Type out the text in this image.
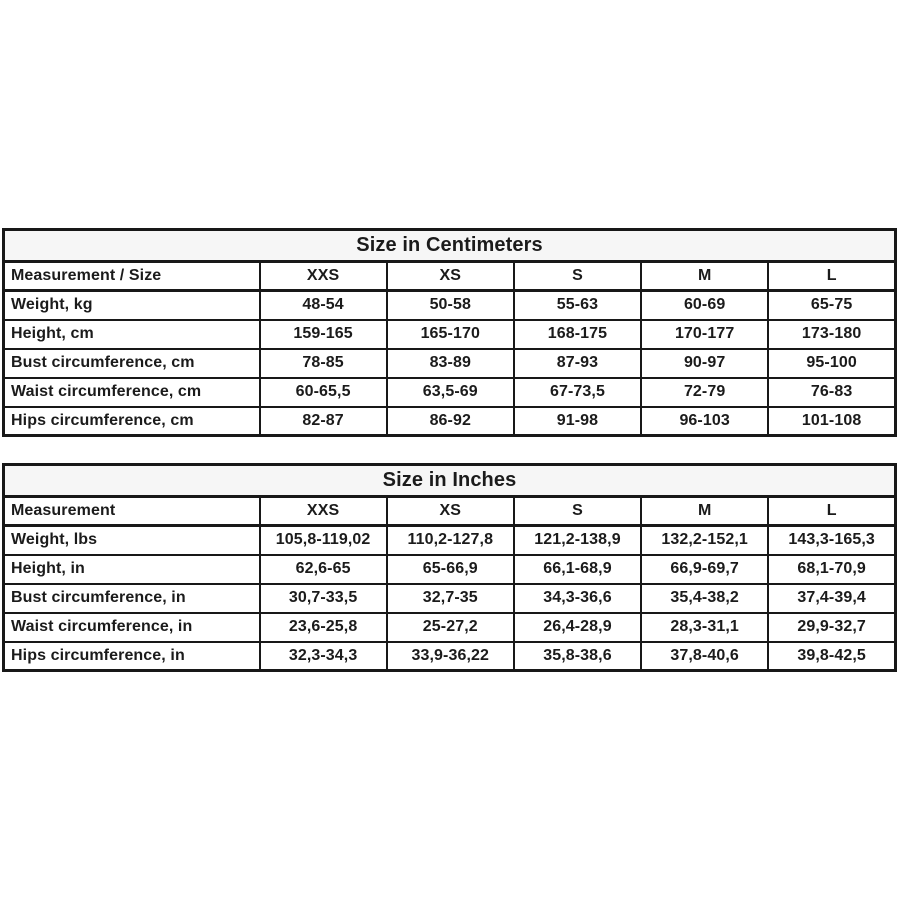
Size in Centimeters					
Measurement / Size	XXS	XS	S	M	L
Weight, kg	48-54	50-58	55-63	60-69	65-75
Height, cm	159-165	165-170	168-175	170-177	173-180
Bust circumference, cm	78-85	83-89	87-93	90-97	95-100
Waist circumference, cm	60-65,5	63,5-69	67-73,5	72-79	76-83
Hips circumference, cm	82-87	86-92	91-98	96-103	101-108
Size in Inches					
Measurement	XXS	XS	S	M	L
Weight, lbs	105,8-119,02	110,2-127,8	121,2-138,9	132,2-152,1	143,3-165,3
Height, in	62,6-65	65-66,9	66,1-68,9	66,9-69,7	68,1-70,9
Bust circumference, in	30,7-33,5	32,7-35	34,3-36,6	35,4-38,2	37,4-39,4
Waist circumference, in	23,6-25,8	25-27,2	26,4-28,9	28,3-31,1	29,9-32,7
Hips circumference, in	32,3-34,3	33,9-36,22	35,8-38,6	37,8-40,6	39,8-42,5
